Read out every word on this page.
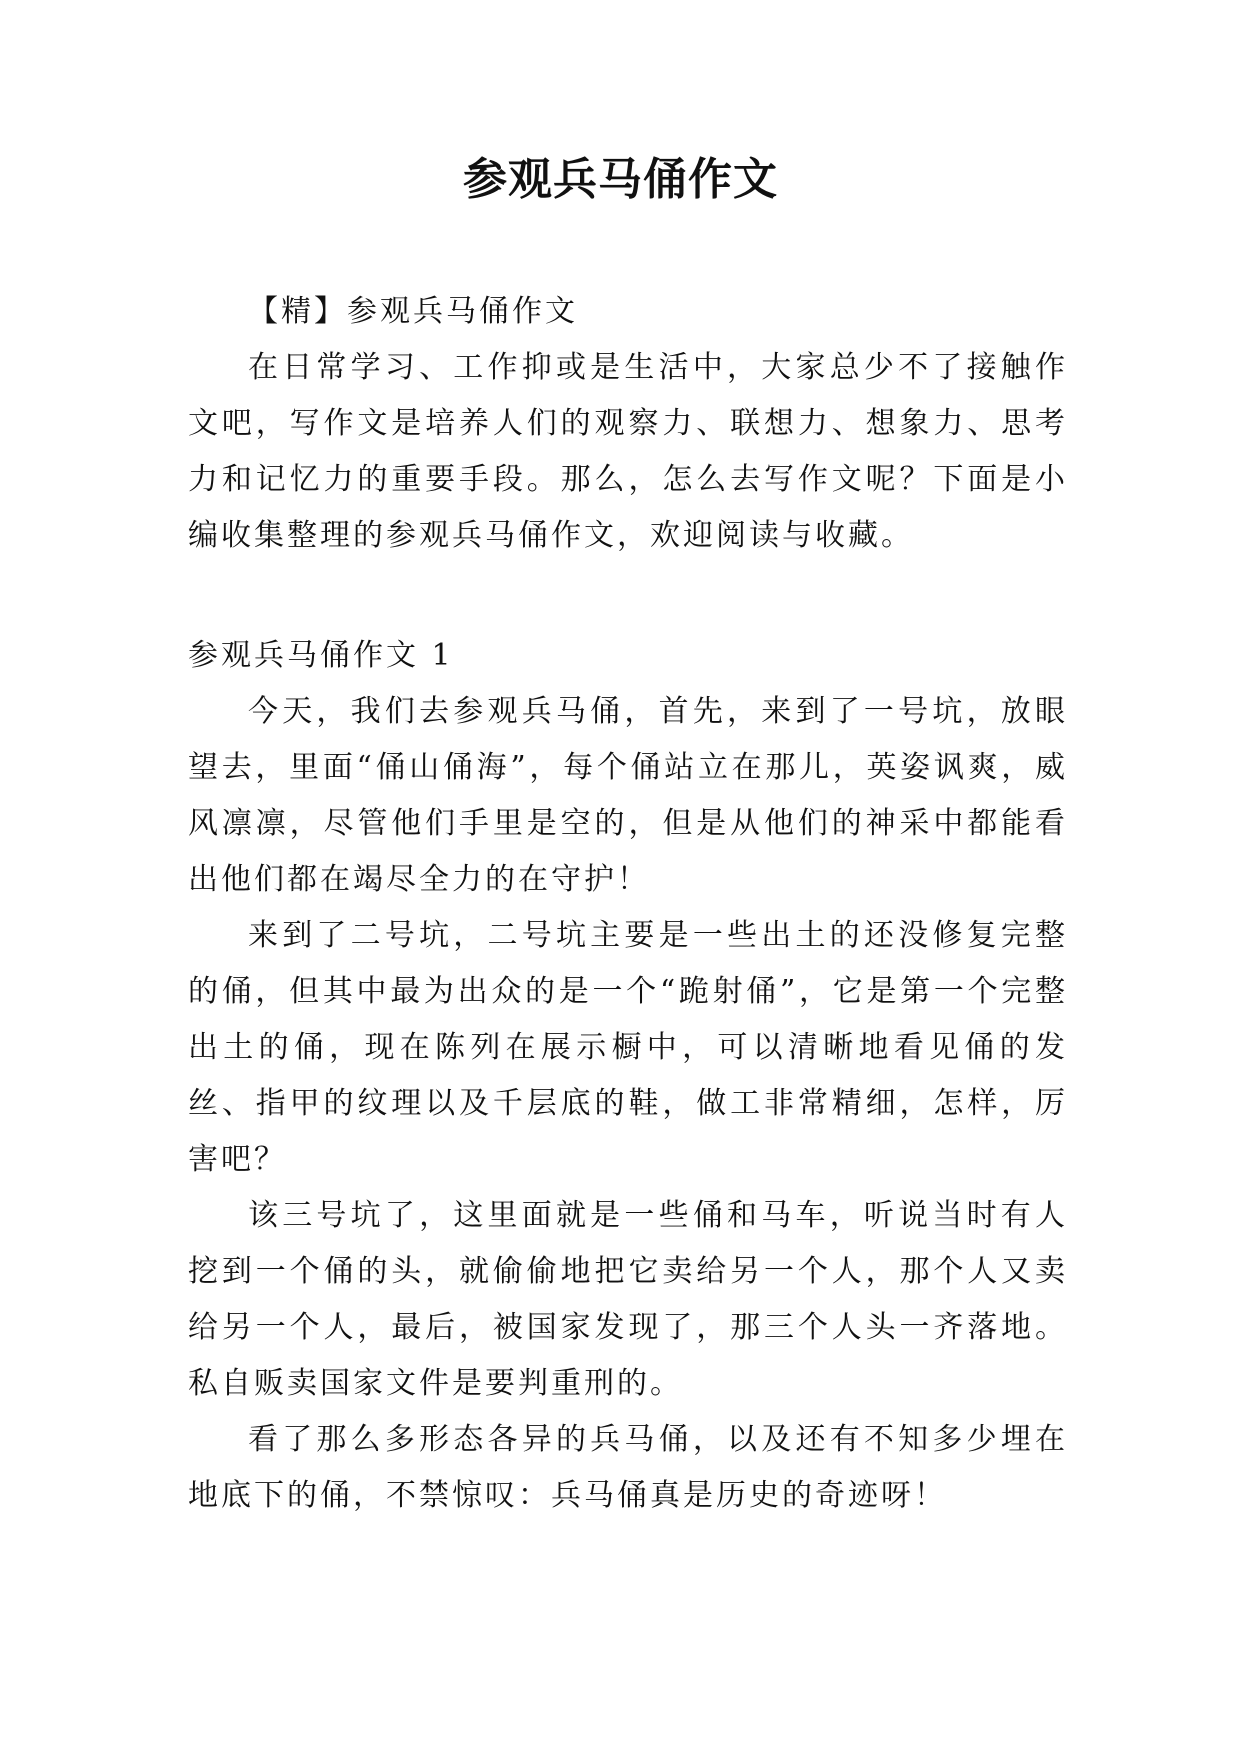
参观兵马俑作文

【精】参观兵马俑作文

在日常学习、工作抑或是生活中，大家总少不了接触作文吧，写作文是培养人们的观察力、联想力、想象力、思考力和记忆力的重要手段。那么，怎么去写作文呢？下面是小编收集整理的参观兵马俑作文，欢迎阅读与收藏。

参观兵马俑作文 1

今天，我们去参观兵马俑，首先，来到了一号坑，放眼望去，里面“俑山俑海”，每个俑站立在那儿，英姿讽爽，威风凛凛，尽管他们手里是空的，但是从他们的神采中都能看出他们都在竭尽全力的在守护！

来到了二号坑，二号坑主要是一些出土的还没修复完整的俑，但其中最为出众的是一个“跪射俑”，它是第一个完整出土的俑，现在陈列在展示橱中，可以清晰地看见俑的发丝、指甲的纹理以及千层底的鞋，做工非常精细，怎样，厉害吧？

该三号坑了，这里面就是一些俑和马车，听说当时有人挖到一个俑的头，就偷偷地把它卖给另一个人，那个人又卖给另一个人，最后，被国家发现了，那三个人头一齐落地。私自贩卖国家文件是要判重刑的。

看了那么多形态各异的兵马俑，以及还有不知多少埋在地底下的俑，不禁惊叹：兵马俑真是历史的奇迹呀！
